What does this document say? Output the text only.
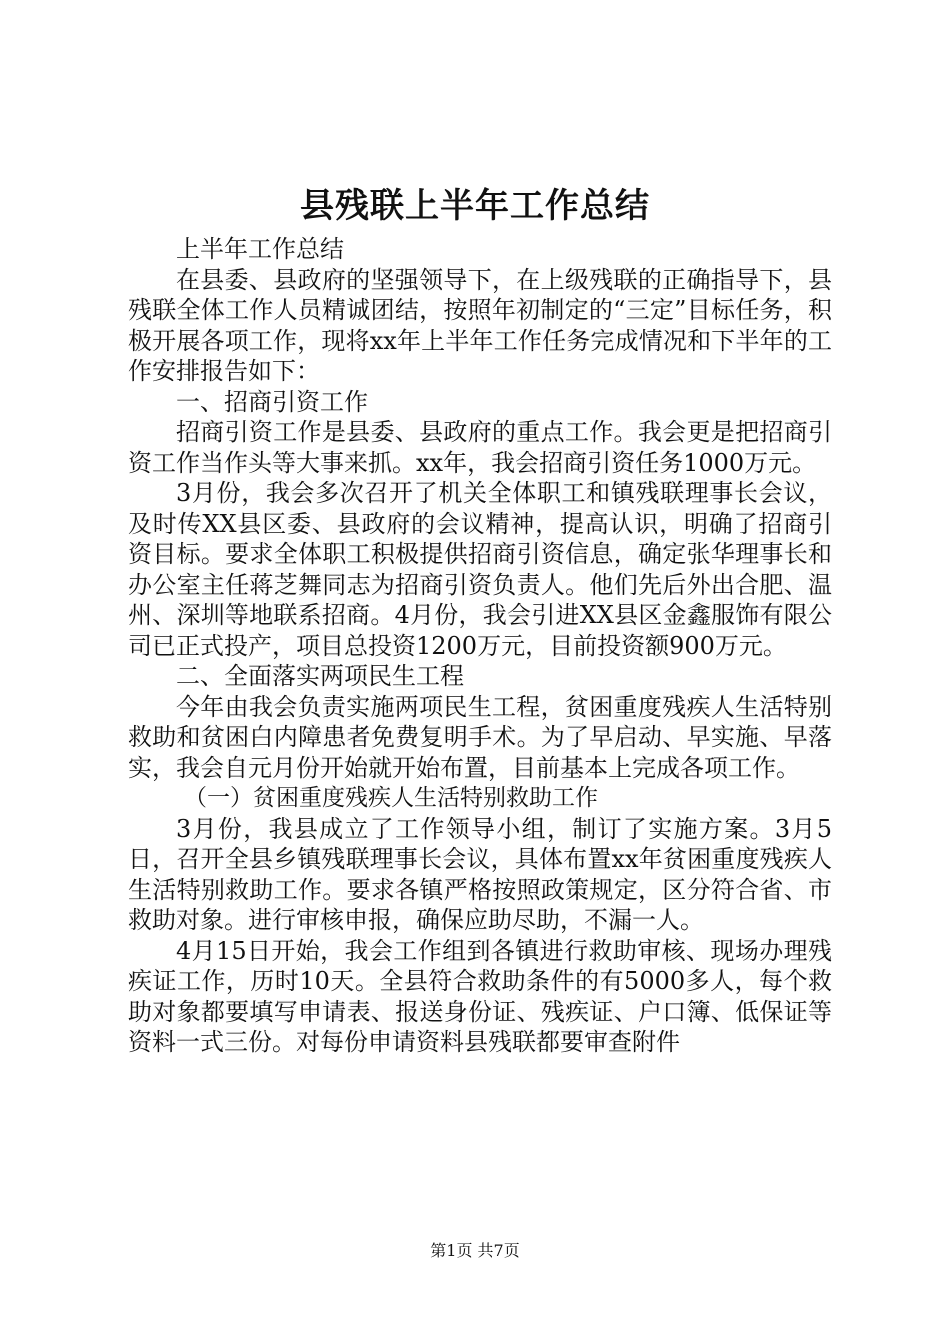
县残联上半年工作总结

上半年工作总结

在县委、县政府的坚强领导下，在上级残联的正确指导下，县残联全体工作人员精诚团结，按照年初制定的“三定”目标任务，积极开展各项工作，现将xx年上半年工作任务完成情况和下半年的工作安排报告如下：

一、招商引资工作

招商引资工作是县委、县政府的重点工作。我会更是把招商引资工作当作头等大事来抓。xx年，我会招商引资任务1000万元。

3月份，我会多次召开了机关全体职工和镇残联理事长会议，及时传XX县区委、县政府的会议精神，提高认识，明确了招商引资目标。要求全体职工积极提供招商引资信息，确定张华理事长和办公室主任蒋芝舞同志为招商引资负责人。他们先后外出合肥、温州、深圳等地联系招商。4月份，我会引进XX县区金鑫服饰有限公司已正式投产，项目总投资1200万元，目前投资额900万元。

二、全面落实两项民生工程

今年由我会负责实施两项民生工程，贫困重度残疾人生活特别救助和贫困白内障患者免费复明手术。为了早启动、早实施、早落实，我会自元月份开始就开始布置，目前基本上完成各项工作。

（一）贫困重度残疾人生活特别救助工作

3月份，我县成立了工作领导小组，制订了实施方案。3月5日，召开全县乡镇残联理事长会议，具体布置xx年贫困重度残疾人生活特别救助工作。要求各镇严格按照政策规定，区分符合省、市救助对象。进行审核申报，确保应助尽助，不漏一人。

4月15日开始，我会工作组到各镇进行救助审核、现场办理残疾证工作，历时10天。全县符合救助条件的有5000多人，每个救助对象都要填写申请表、报送身份证、残疾证、户口簿、低保证等资料一式三份。对每份申请资料县残联都要审查附件

第1页 共7页
